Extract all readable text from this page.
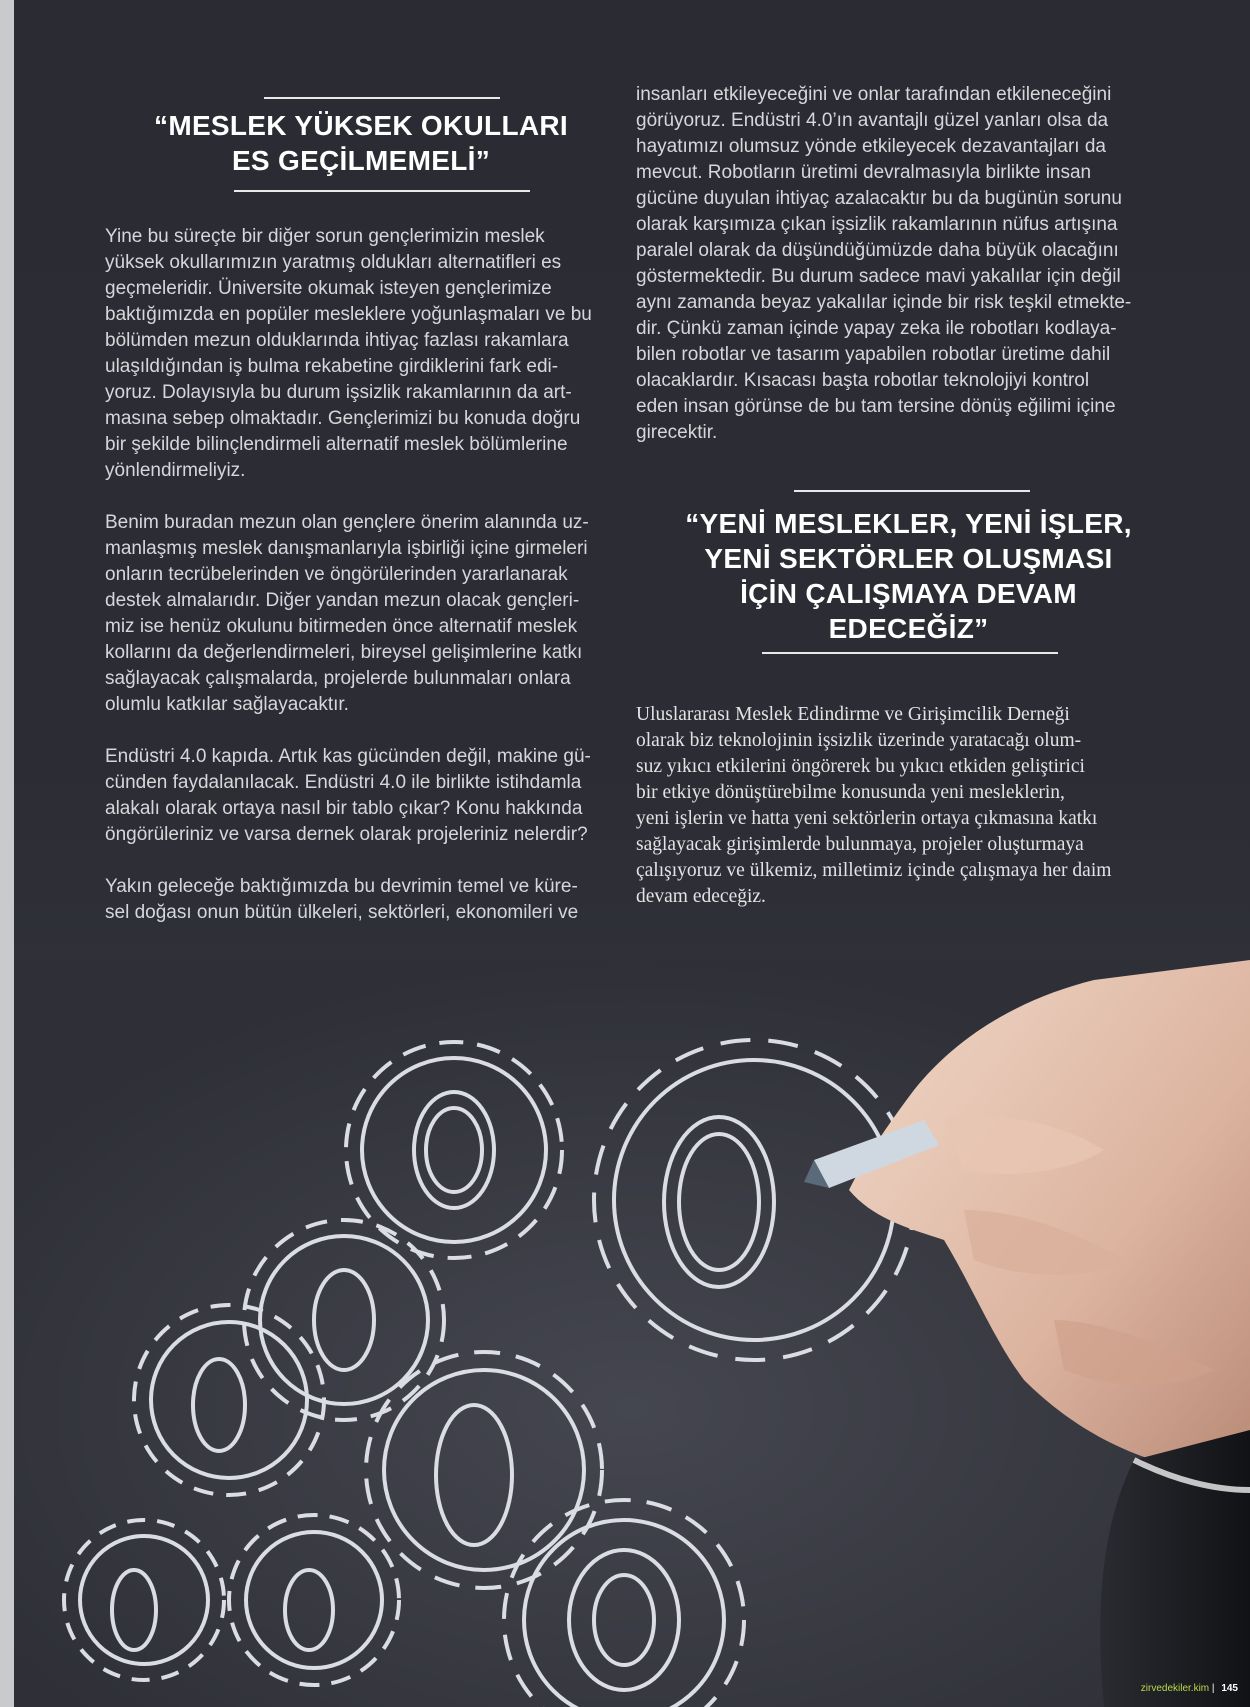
“MESLEK YÜKSEK OKULLARI
ES GEÇİLMEMELİ”

Yine bu süreçte bir diğer sorun gençlerimizin meslek
yüksek okullarımızın yaratmış oldukları alternatifleri es
geçmeleridir. Üniversite okumak isteyen gençlerimize
baktığımızda en popüler mesleklere yoğunlaşmaları ve bu
bölümden mezun olduklarında ihtiyaç fazlası rakamlara
ulaşıldığından iş bulma rekabetine girdiklerini fark edi-
yoruz. Dolayısıyla bu durum işsizlik rakamlarının da art-
masına sebep olmaktadır. Gençlerimizi bu konuda doğru
bir şekilde bilinçlendirmeli alternatif meslek bölümlerine
yönlendirmeliyiz.

Benim buradan mezun olan gençlere önerim alanında uz-
manlaşmış meslek danışmanlarıyla işbirliği içine girmeleri
onların tecrübelerinden ve öngörülerinden yararlanarak
destek almalarıdır. Diğer yandan mezun olacak gençleri-
miz ise henüz okulunu bitirmeden önce alternatif meslek
kollarını da değerlendirmeleri, bireysel gelişimlerine katkı
sağlayacak çalışmalarda, projelerde bulunmaları onlara
olumlu katkılar sağlayacaktır.

Endüstri 4.0 kapıda. Artık kas gücünden değil, makine gü-
cünden faydalanılacak. Endüstri 4.0 ile birlikte istihdamla
alakalı olarak ortaya nasıl bir tablo çıkar? Konu hakkında
öngörüleriniz ve varsa dernek olarak projeleriniz nelerdir?

Yakın geleceğe baktığımızda bu devrimin temel ve küre-
sel doğası onun bütün ülkeleri, sektörleri, ekonomileri ve

insanları etkileyeceğini ve onlar tarafından etkileneceğini
görüyoruz. Endüstri 4.0’ın avantajlı güzel yanları olsa da
hayatımızı olumsuz yönde etkileyecek dezavantajları da
mevcut. Robotların üretimi devralmasıyla birlikte insan
gücüne duyulan ihtiyaç azalacaktır bu da bugünün sorunu
olarak karşımıza çıkan işsizlik rakamlarının nüfus artışına
paralel olarak da düşündüğümüzde daha büyük olacağını
göstermektedir. Bu durum sadece mavi yakalılar için değil
aynı zamanda beyaz yakalılar içinde bir risk teşkil etmekte-
dir. Çünkü zaman içinde yapay zeka ile robotları kodlaya-
bilen robotlar ve tasarım yapabilen robotlar üretime dahil
olacaklardır. Kısacası başta robotlar teknolojiyi kontrol
eden insan görünse de bu tam tersine dönüş eğilimi içine
girecektir.

“YENİ MESLEKLER, YENİ İŞLER,
YENİ SEKTÖRLER OLUŞMASI
İÇİN ÇALIŞMAYA DEVAM
EDECEĞİZ”

Uluslararası Meslek Edindirme ve Girişimcilik Derneği
olarak biz teknolojinin işsizlik üzerinde yaratacağı olum-
suz yıkıcı etkilerini öngörerek bu yıkıcı etkiden geliştirici
bir etkiye dönüştürebilme konusunda yeni mesleklerin,
yeni işlerin ve hatta yeni sektörlerin ortaya çıkmasına katkı
sağlayacak girişimlerde bulunmaya, projeler oluşturmaya
çalışıyoruz ve ülkemiz, milletimiz içinde çalışmaya her daim
devam edeceğiz.

zirvedekiler.kim | 145
